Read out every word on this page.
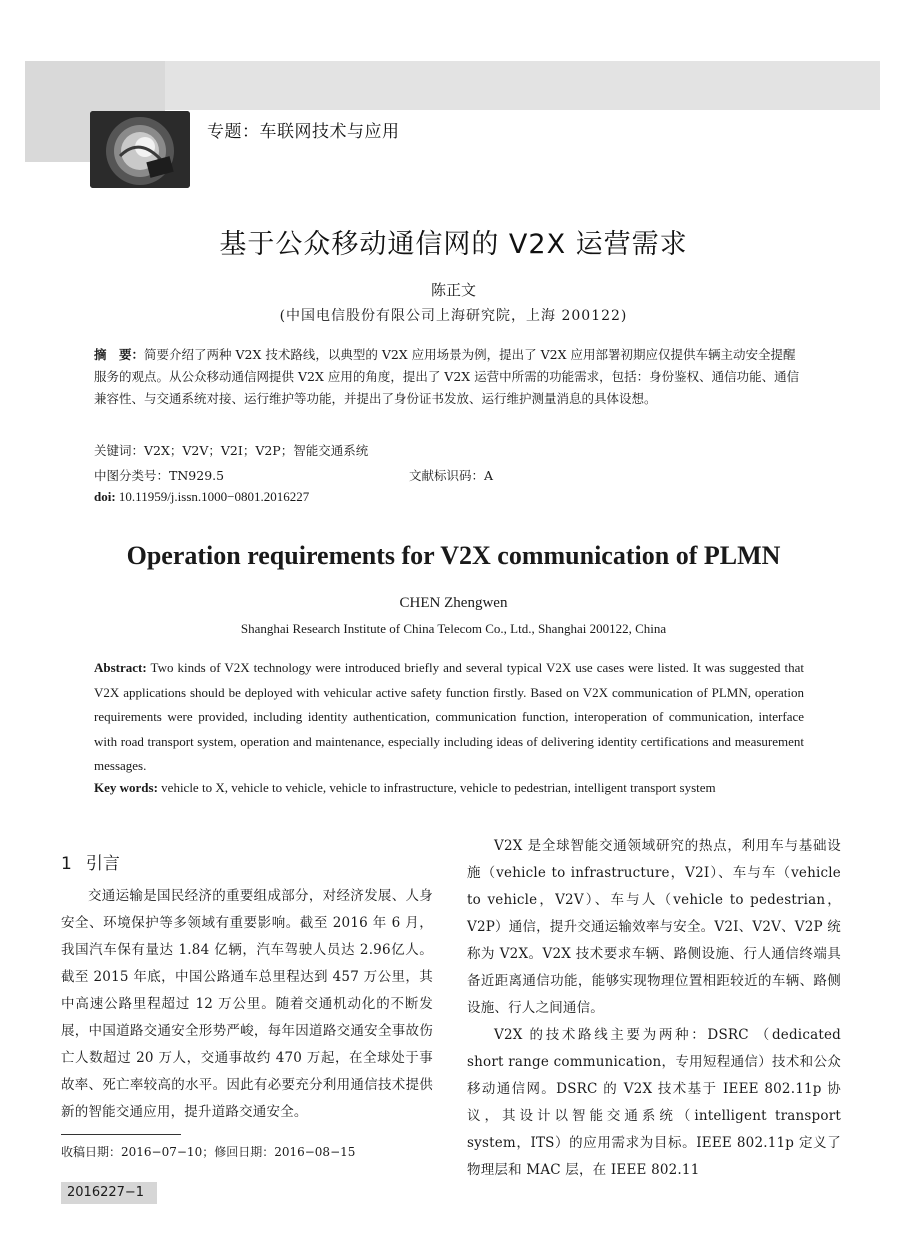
专题：车联网技术与应用
基于公众移动通信网的 V2X 运营需求
陈正文
(中国电信股份有限公司上海研究院，上海 200122)
摘　要：简要介绍了两种 V2X 技术路线，以典型的 V2X 应用场景为例，提出了 V2X 应用部署初期应仅提供车辆主动安全提醒服务的观点。从公众移动通信网提供 V2X 应用的角度，提出了 V2X 运营中所需的功能需求，包括：身份鉴权、通信功能、通信兼容性、与交通系统对接、运行维护等功能，并提出了身份证书发放、运行维护测量消息的具体设想。
关键词：V2X；V2V；V2I；V2P；智能交通系统
中图分类号：TN929.5	文献标识码：A
doi: 10.11959/j.issn.1000−0801.2016227
Operation requirements for V2X communication of PLMN
CHEN Zhengwen
Shanghai Research Institute of China Telecom Co., Ltd., Shanghai 200122, China
Abstract: Two kinds of V2X technology were introduced briefly and several typical V2X use cases were listed. It was suggested that V2X applications should be deployed with vehicular active safety function firstly. Based on V2X communication of PLMN, operation requirements were provided, including identity authentication, communication function, interoperation of communication, interface with road transport system, operation and maintenance, especially including ideas of delivering identity certifications and measurement messages.
Key words: vehicle to X, vehicle to vehicle, vehicle to infrastructure, vehicle to pedestrian, intelligent transport system
1 引言
交通运输是国民经济的重要组成部分，对经济发展、人身安全、环境保护等多领域有重要影响。截至 2016 年 6 月，我国汽车保有量达 1.84 亿辆，汽车驾驶人员达 2.96亿人。截至 2015 年底，中国公路通车总里程达到 457 万公里，其中高速公路里程超过 12 万公里。随着交通机动化的不断发展，中国道路交通安全形势严峻，每年因道路交通安全事故伤亡人数超过 20 万人，交通事故约 470 万起，在全球处于事故率、死亡率较高的水平。因此有必要充分利用通信技术提供新的智能交通应用，提升道路交通安全。

V2X 是全球智能交通领域研究的热点，利用车与基础设施（vehicle to infrastructure，V2I）、车与车（vehicle to vehicle，V2V）、车与人（vehicle to pedestrian，V2P）通信，提升交通运输效率与安全。V2I、V2V、V2P 统称为 V2X。V2X 技术要求车辆、路侧设施、行人通信终端具备近距离通信功能，能够实现物理位置相距较近的车辆、路侧设施、行人之间通信。

V2X 的技术路线主要为两种：DSRC （dedicated short range communication，专用短程通信）技术和公众移动通信网。DSRC 的 V2X 技术基于 IEEE 802.11p 协议，其设计以智能交通系统（intelligent transport system，ITS）的应用需求为目标。IEEE 802.11p 定义了物理层和 MAC 层，在 IEEE 802.11

收稿日期：2016−07−10；修回日期：2016−08−15
2016227−1
